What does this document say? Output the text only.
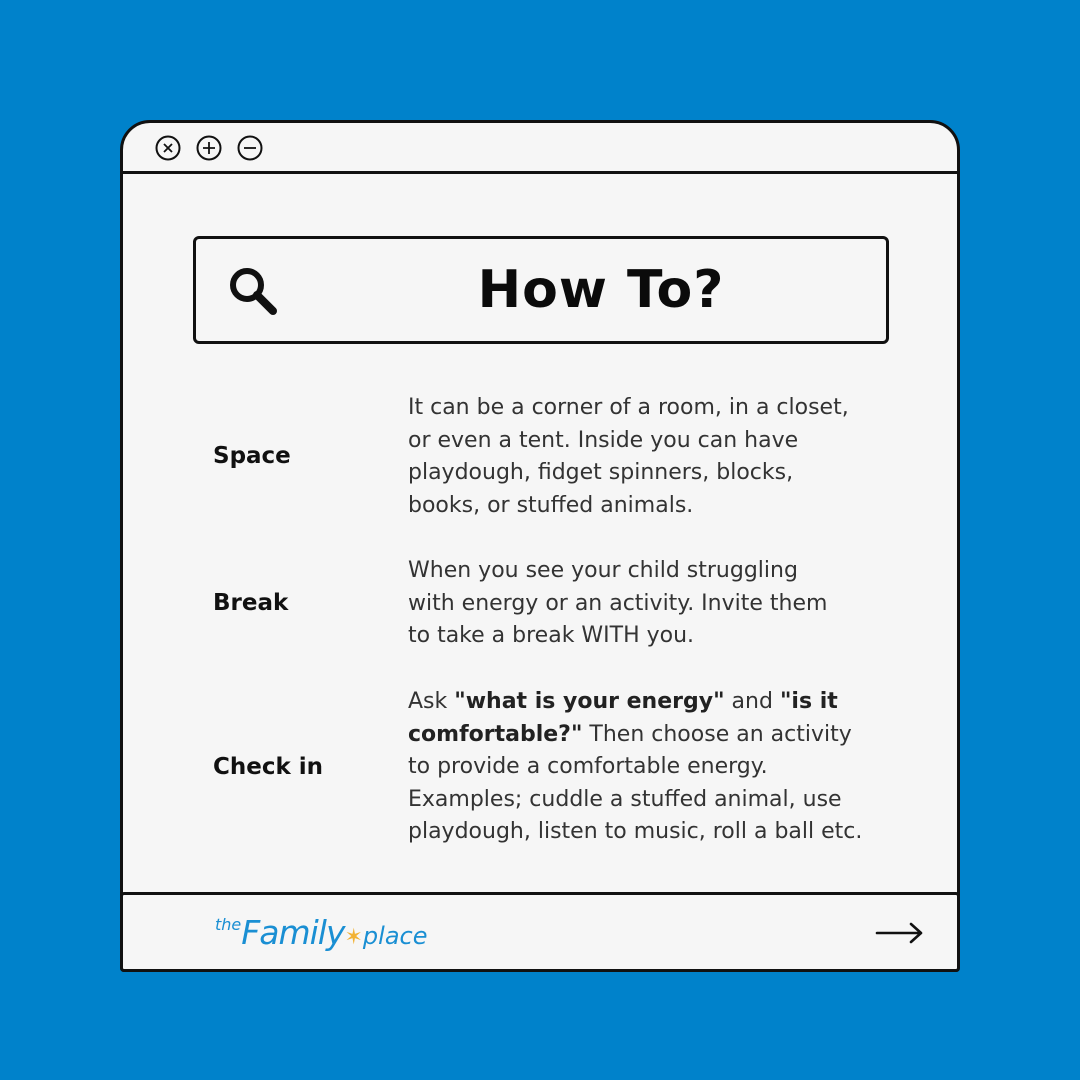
How To?
Space
It can be a corner of a room, in a closet,
or even a tent. Inside you can have
playdough, fidget spinners, blocks,
books, or stuffed animals.
Break
When you see your child struggling
with energy or an activity. Invite them
to take a break WITH you.
Check in
Ask "what is your energy" and "is it
comfortable?" Then choose an activity
to provide a comfortable energy.
Examples; cuddle a stuffed animal, use
playdough, listen to music, roll a ball etc.
theFamily✶place
